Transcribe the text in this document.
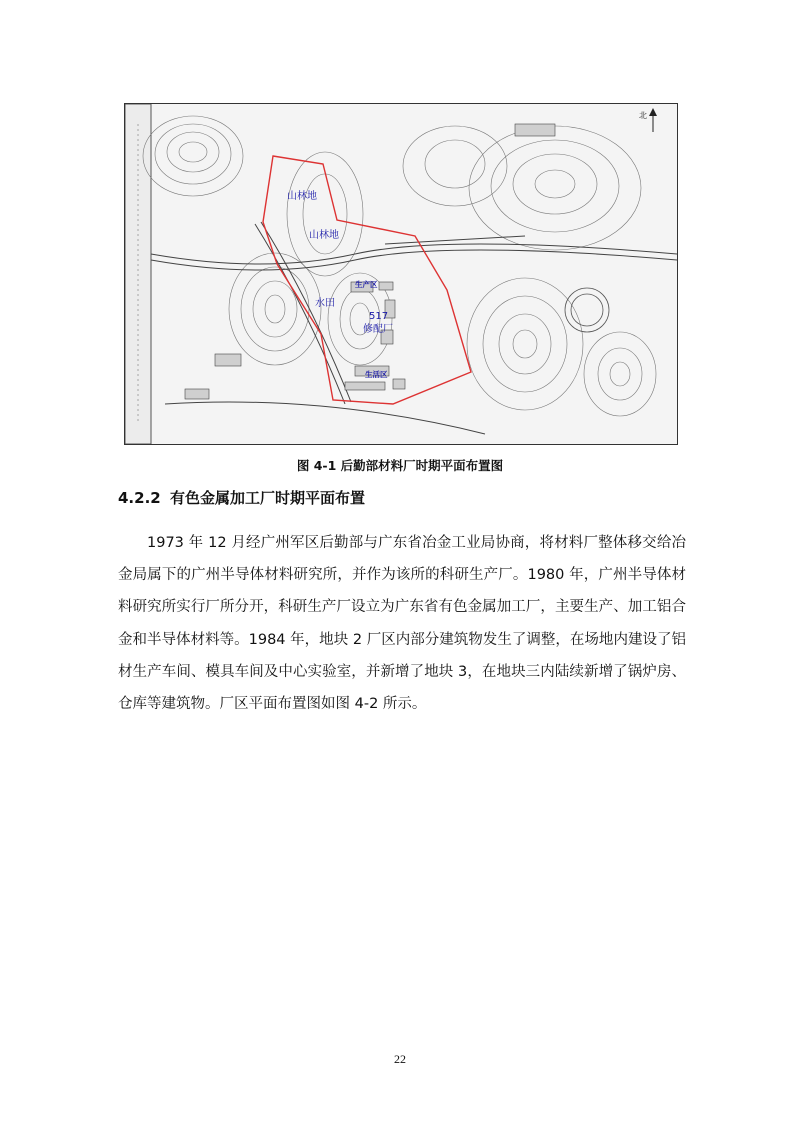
山林地
山林地
水田
生产区
517
修配厂
生活区
北
图 4-1 后勤部材料厂时期平面布置图
4.2.2 有色金属加工厂时期平面布置

1973 年 12 月经广州军区后勤部与广东省冶金工业局协商，将材料厂整体移交给冶金局属下的广州半导体材料研究所，并作为该所的科研生产厂。1980 年，广州半导体材料研究所实行厂所分开，科研生产厂设立为广东省有色金属加工厂，主要生产、加工铝合金和半导体材料等。1984 年，地块 2 厂区内部分建筑物发生了调整，在场地内建设了铝材生产车间、模具车间及中心实验室，并新增了地块 3，在地块三内陆续新增了锅炉房、仓库等建筑物。厂区平面布置图如图 4-2 所示。

22
